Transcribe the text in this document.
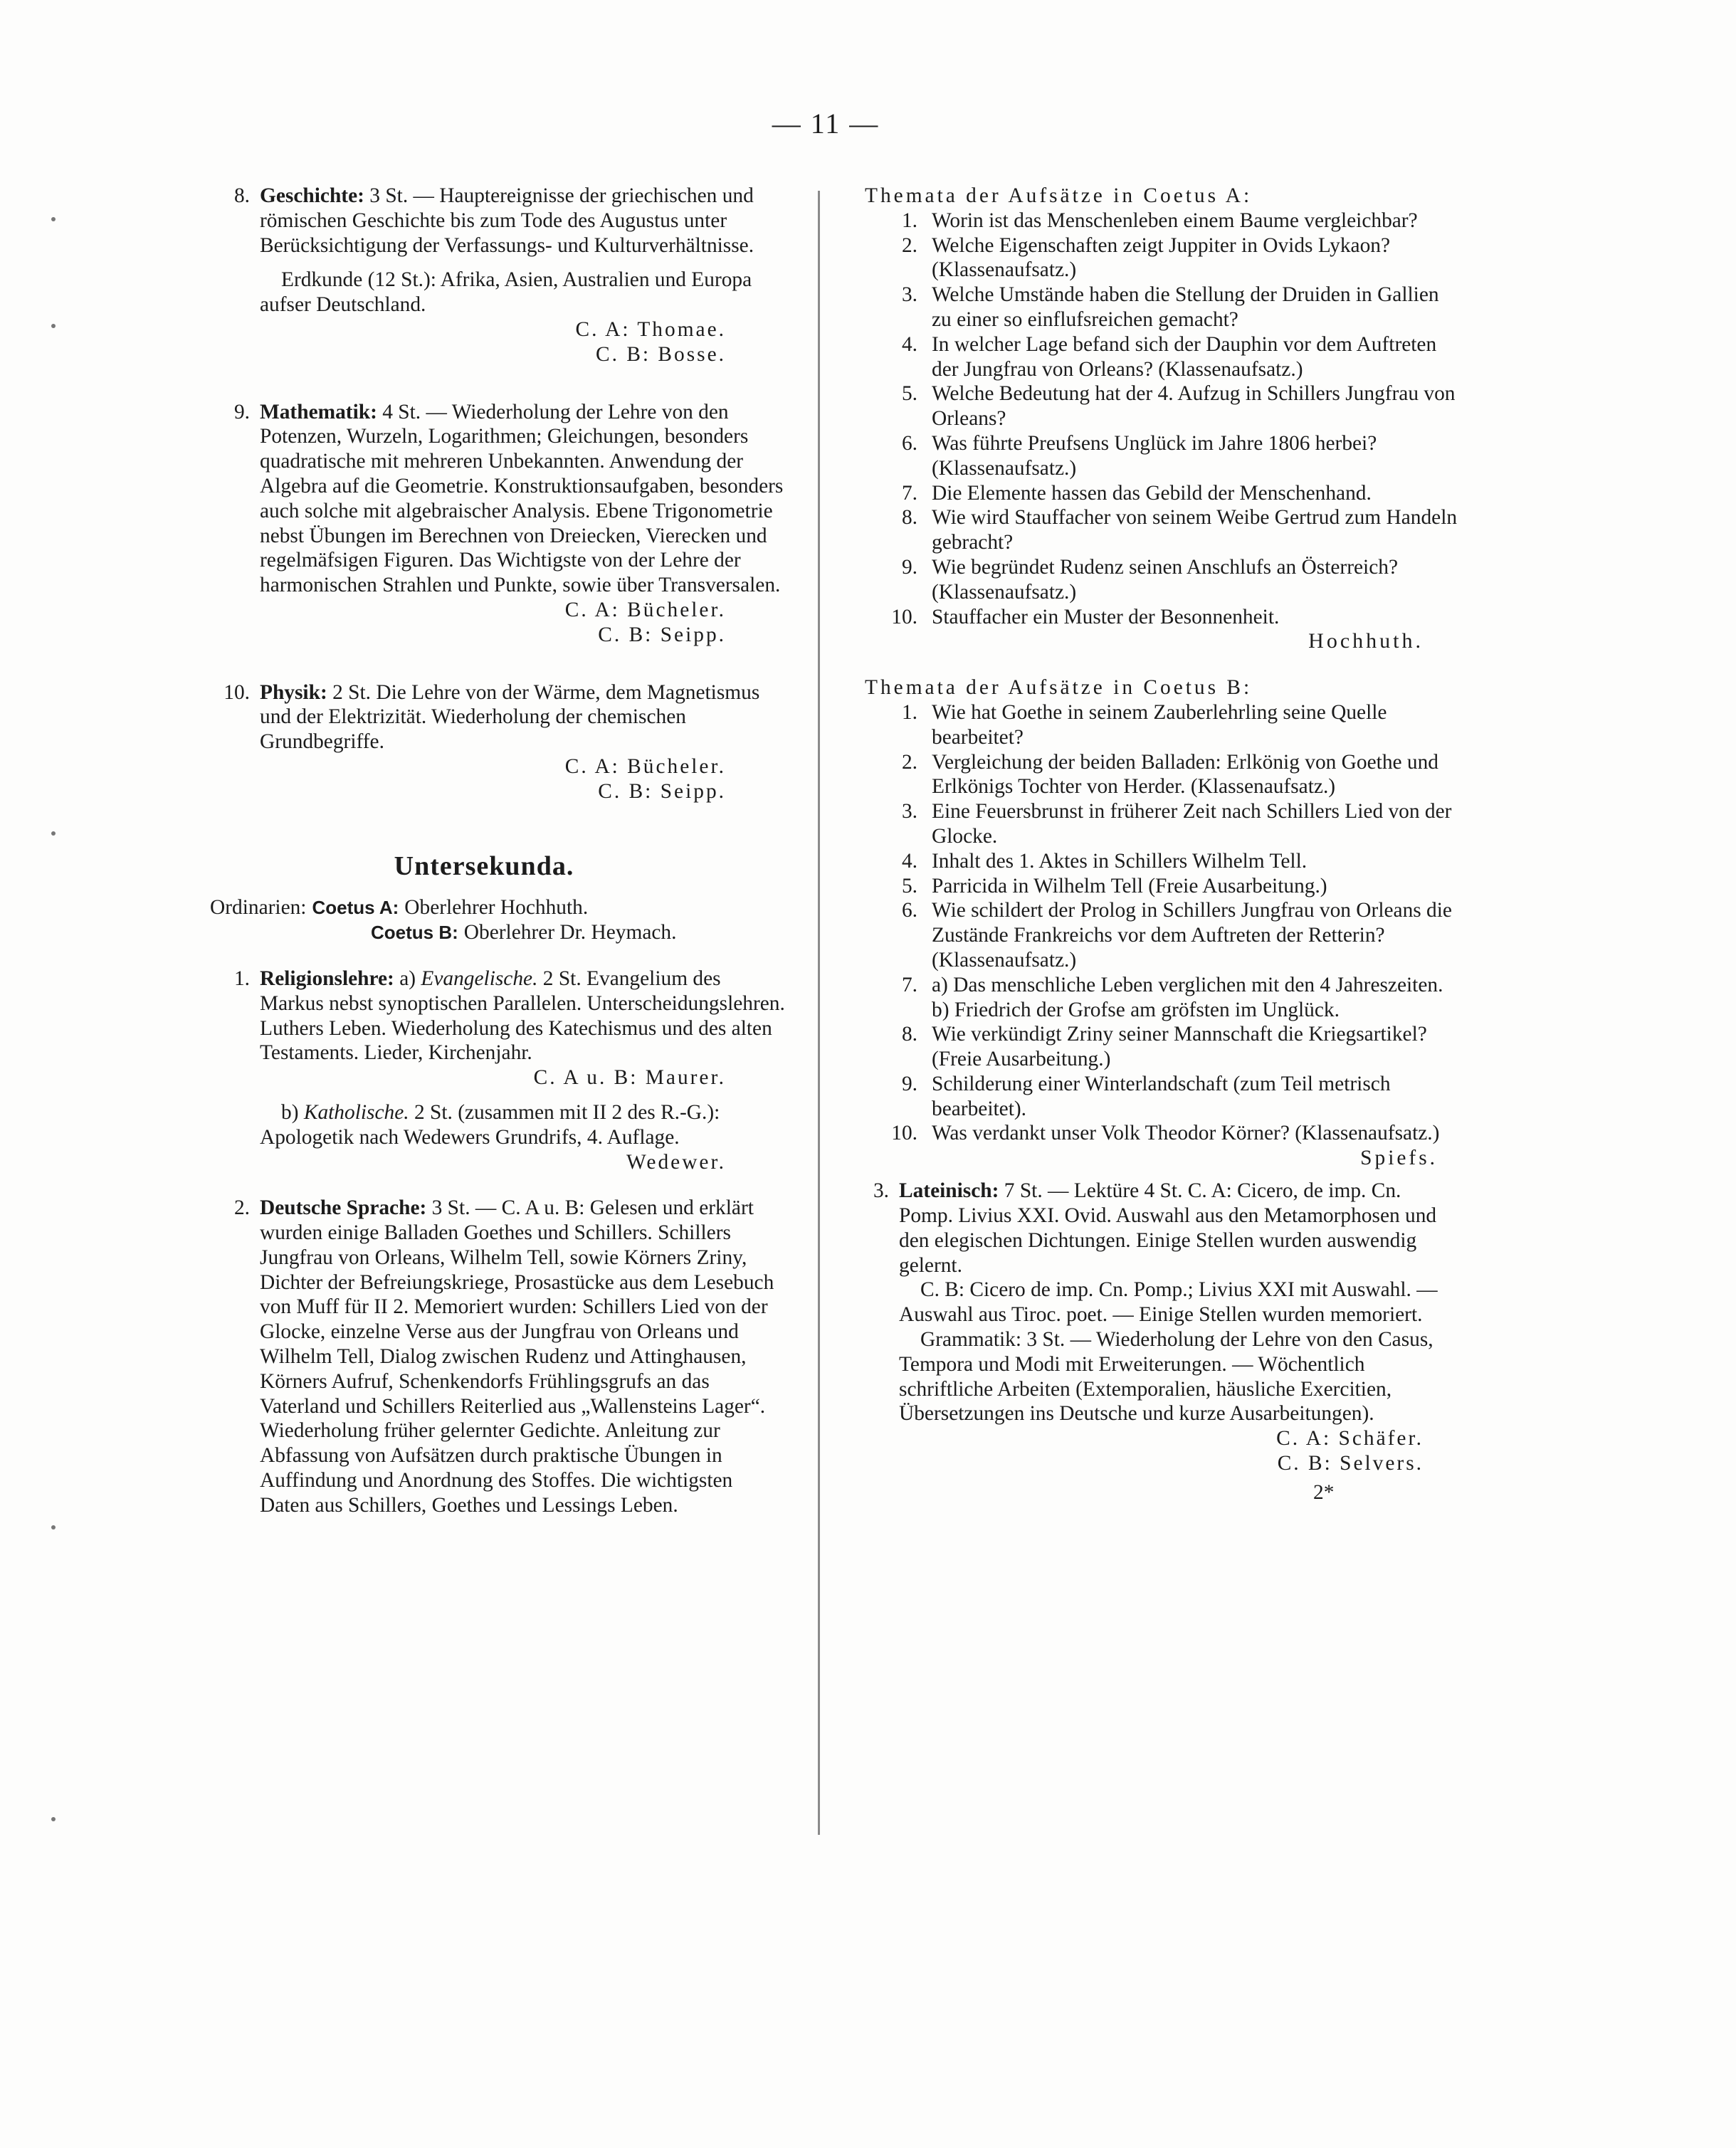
— 11 —
8. Geschichte: 3 St. — Hauptereignisse der griechischen und römischen Geschichte bis zum Tode des Augustus unter Berücksichtigung der Verfassungs- und Kulturverhältnisse.

Erdkunde (12 St.): Afrika, Asien, Australien und Europa aufser Deutschland.

C. A: Thomae.
C. B: Bosse.
9. Mathematik: 4 St. — Wiederholung der Lehre von den Potenzen, Wurzeln, Logarithmen; Gleichungen, besonders quadratische mit mehreren Unbekannten. Anwendung der Algebra auf die Geometrie. Konstruktionsaufgaben, besonders auch solche mit algebraischer Analysis. Ebene Trigonometrie nebst Übungen im Berechnen von Dreiecken, Vierecken und regelmäfsigen Figuren. Das Wichtigste von der Lehre der harmonischen Strahlen und Punkte, sowie über Transversalen.
C. A: Bücheler.
C. B: Seipp.
10. Physik: 2 St. Die Lehre von der Wärme, dem Magnetismus und der Elektrizität. Wiederholung der chemischen Grundbegriffe.
C. A: Bücheler.
C. B: Seipp.
Untersekunda.
Ordinarien: Coetus A: Oberlehrer Hochhuth.
Coetus B: Oberlehrer Dr. Heymach.
1. Religionslehre: a) Evangelische. 2 St. Evangelium des Markus nebst synoptischen Parallelen. Unterscheidungslehren. Luthers Leben. Wiederholung des Katechismus und des alten Testaments. Lieder, Kirchenjahr.
C. A u. B: Maurer.
b) Katholische. 2 St. (zusammen mit II 2 des R.-G.): Apologetik nach Wedewers Grundrifs, 4. Auflage.
Wedewer.
2. Deutsche Sprache: 3 St. — C. A u. B: Gelesen und erklärt wurden einige Balladen Goethes und Schillers. Schillers Jungfrau von Orleans, Wilhelm Tell, sowie Körners Zriny, Dichter der Befreiungskriege, Prosastücke aus dem Lesebuch von Muff für II 2. Memoriert wurden: Schillers Lied von der Glocke, einzelne Verse aus der Jungfrau von Orleans und Wilhelm Tell, Dialog zwischen Rudenz und Attinghausen, Körners Aufruf, Schenkendorfs Frühlingsgrufs an das Vaterland und Schillers Reiterlied aus „Wallensteins Lager“. Wiederholung früher gelernter Gedichte. Anleitung zur Abfassung von Aufsätzen durch praktische Übungen in Auffindung und Anordnung des Stoffes. Die wichtigsten Daten aus Schillers, Goethes und Lessings Leben.
Themata der Aufsätze in Coetus A:
1. Worin ist das Menschenleben einem Baume vergleichbar?
2. Welche Eigenschaften zeigt Juppiter in Ovids Lykaon? (Klassenaufsatz.)
3. Welche Umstände haben die Stellung der Druiden in Gallien zu einer so einflufsreichen gemacht?
4. In welcher Lage befand sich der Dauphin vor dem Auftreten der Jungfrau von Orleans? (Klassenaufsatz.)
5. Welche Bedeutung hat der 4. Aufzug in Schillers Jungfrau von Orleans?
6. Was führte Preufsens Unglück im Jahre 1806 herbei? (Klassenaufsatz.)
7. Die Elemente hassen das Gebild der Menschenhand.
8. Wie wird Stauffacher von seinem Weibe Gertrud zum Handeln gebracht?
9. Wie begründet Rudenz seinen Anschlufs an Österreich? (Klassenaufsatz.)
10. Stauffacher ein Muster der Besonnenheit.
Hochhuth.
Themata der Aufsätze in Coetus B:
1. Wie hat Goethe in seinem Zauberlehrling seine Quelle bearbeitet?
2. Vergleichung der beiden Balladen: Erlkönig von Goethe und Erlkönigs Tochter von Herder. (Klassenaufsatz.)
3. Eine Feuersbrunst in früherer Zeit nach Schillers Lied von der Glocke.
4. Inhalt des 1. Aktes in Schillers Wilhelm Tell.
5. Parricida in Wilhelm Tell (Freie Ausarbeitung.)
6. Wie schildert der Prolog in Schillers Jungfrau von Orleans die Zustände Frankreichs vor dem Auftreten der Retterin? (Klassenaufsatz.)
7. a) Das menschliche Leben verglichen mit den 4 Jahreszeiten.
b) Friedrich der Grofse am gröfsten im Unglück.
8. Wie verkündigt Zriny seiner Mannschaft die Kriegsartikel? (Freie Ausarbeitung.)
9. Schilderung einer Winterlandschaft (zum Teil metrisch bearbeitet).
10. Was verdankt unser Volk Theodor Körner? (Klassenaufsatz.)
Spiefs.
3. Lateinisch: 7 St. — Lektüre 4 St. C. A: Cicero, de imp. Cn. Pomp. Livius XXI. Ovid. Auswahl aus den Metamorphosen und den elegischen Dichtungen. Einige Stellen wurden auswendig gelernt.

C. B: Cicero de imp. Cn. Pomp.; Livius XXI mit Auswahl. — Auswahl aus Tiroc. poet. — Einige Stellen wurden memoriert.

Grammatik: 3 St. — Wiederholung der Lehre von den Casus, Tempora und Modi mit Erweiterungen. — Wöchentlich schriftliche Arbeiten (Extemporalien, häusliche Exercitien, Übersetzungen ins Deutsche und kurze Ausarbeitungen).

C. A: Schäfer.
C. B: Selvers.
2*
